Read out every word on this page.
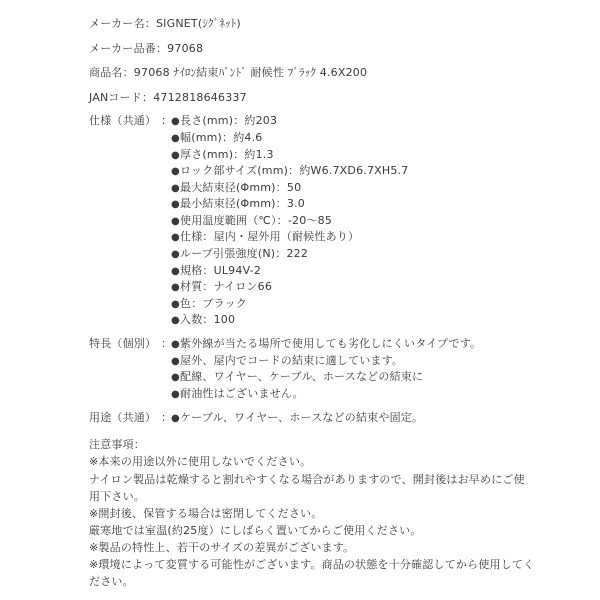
メーカー名：SIGNET(ｼｸﾞﾈｯﾄ)
メーカー品番：97068
商品名：97068 ﾅｲﾛﾝ結束ﾊﾞﾝﾄﾞ 耐候性 ﾌﾞﾗｯｸ 4.6X200
JANコード：4712818646337
仕様（共通） ：
●長さ(mm)：約203
●幅(mm)：約4.6
●厚さ(mm)：約1.3
●ロック部サイズ(mm)：約W6.7XD6.7XH5.7
●最大結束径(Φmm)：50
●最小結束径(Φmm)：3.0
●使用温度範囲（℃）：-20～85
●仕様：屋内・屋外用（耐候性あり）
●ループ引張強度(N)：222
●規格：UL94V-2
●材質：ナイロン66
●色：ブラック
●入数：100
特長（個別） ：
●紫外線が当たる場所で使用しても劣化しにくいタイプです。
●屋外、屋内でコードの結束に適しています。
●配線、ワイヤー、ケーブル、ホースなどの結束に
●耐油性はございません。
用途（共通） ：
●ケーブル、ワイヤー、ホースなどの結束や固定。
注意事項：
※本来の用途以外に使用しないでください。
ナイロン製品は乾燥すると割れやすくなる場合がありますので、開封後はお早めにご使
用下さい。
※開封後、保管する場合は密閉してください。
厳寒地では室温(約25度）にしばらく置いてからご使用ください。
※製品の特性上、若干のサイズの差異がございます。
※環境によって変質する可能性がございます。商品の状態を十分確認してから使用してく
ださい。
